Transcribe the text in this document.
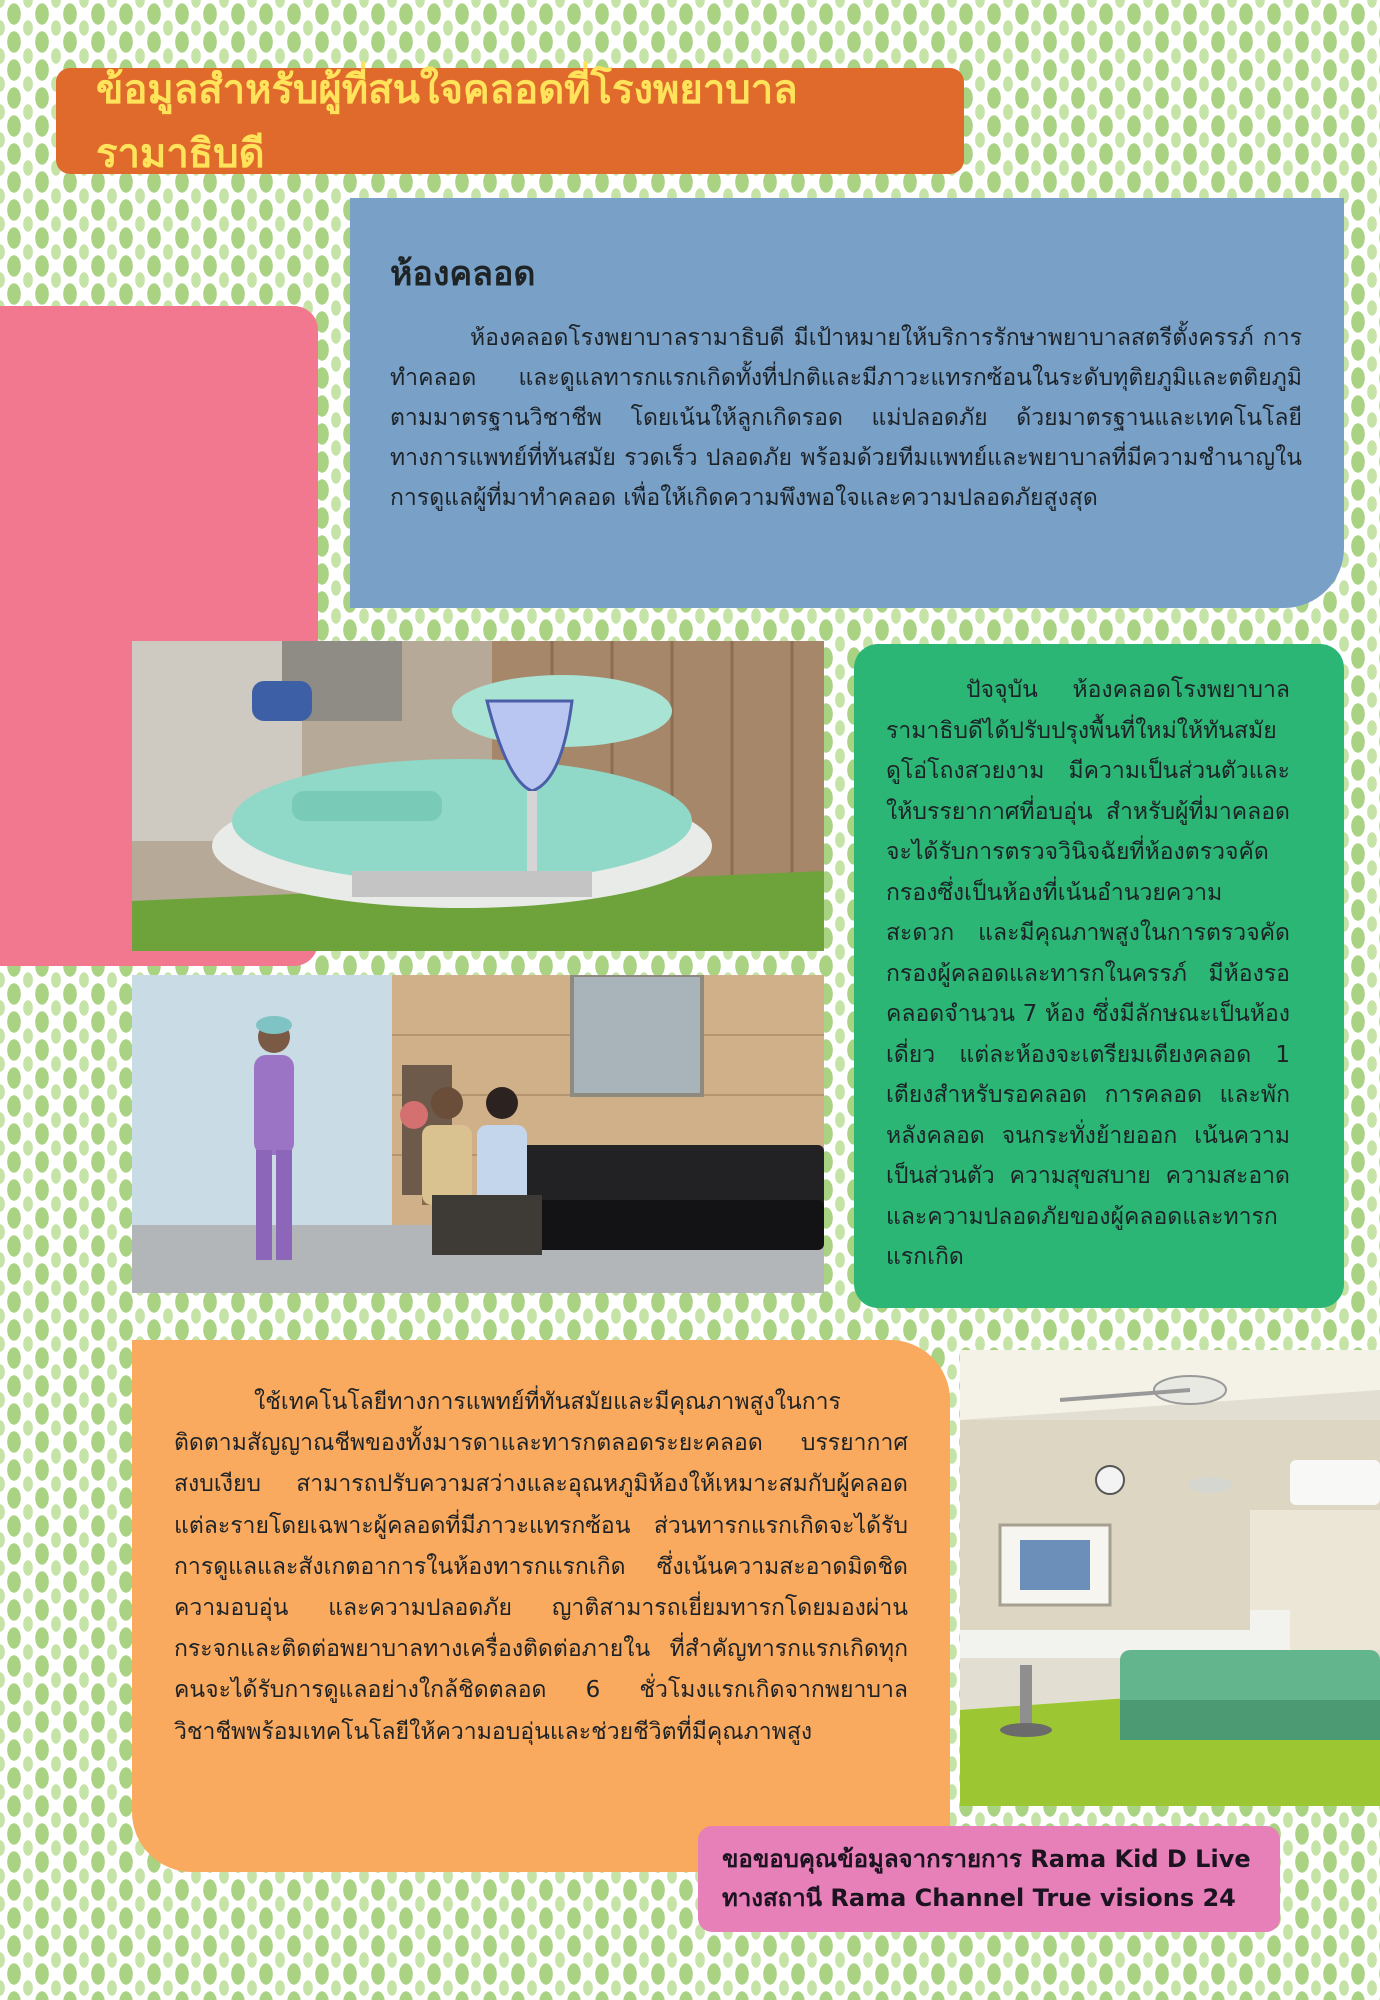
ข้อมูลสำหรับผู้ที่สนใจคลอดที่โรงพยาบาลรามาธิบดี
ห้องคลอด

ห้องคลอดโรงพยาบาลรามาธิบดี มีเป้าหมายให้บริการรักษาพยาบาลสตรีตั้งครรภ์ การทำคลอด และดูแลทารกแรกเกิดทั้งที่ปกติและมีภาวะแทรกซ้อนในระดับทุติยภูมิและตติยภูมิตามมาตรฐานวิชาชีพ โดยเน้นให้ลูกเกิดรอด แม่ปลอดภัย ด้วยมาตรฐานและเทคโนโลยีทางการแพทย์ที่ทันสมัย รวดเร็ว ปลอดภัย พร้อมด้วยทีมแพทย์และพยาบาลที่มีความชำนาญในการดูแลผู้ที่มาทำคลอด เพื่อให้เกิดความพึงพอใจและความปลอดภัยสูงสุด

ปัจจุบัน ห้องคลอดโรงพยาบาลรามาธิบดีได้ปรับปรุงพื้นที่ใหม่ให้ทันสมัย ดูโอ่โถงสวยงาม มีความเป็นส่วนตัวและให้บรรยากาศที่อบอุ่น สำหรับผู้ที่มาคลอดจะได้รับการตรวจวินิจฉัยที่ห้องตรวจคัดกรองซึ่งเป็นห้องที่เน้นอำนวยความสะดวก และมีคุณภาพสูงในการตรวจคัดกรองผู้คลอดและทารกในครรภ์ มีห้องรอคลอดจำนวน 7 ห้อง ซึ่งมีลักษณะเป็นห้องเดี่ยว แต่ละห้องจะเตรียมเตียงคลอด 1 เตียงสำหรับรอคลอด การคลอด และพักหลังคลอด จนกระทั่งย้ายออก เน้นความเป็นส่วนตัว ความสุขสบาย ความสะอาดและความปลอดภัยของผู้คลอดและทารกแรกเกิด

ใช้เทคโนโลยีทางการแพทย์ที่ทันสมัยและมีคุณภาพสูงในการติดตามสัญญาณชีพของทั้งมารดาและทารกตลอดระยะคลอด บรรยากาศสงบเงียบ สามารถปรับความสว่างและอุณหภูมิห้องให้เหมาะสมกับผู้คลอดแต่ละรายโดยเฉพาะผู้คลอดที่มีภาวะแทรกซ้อน ส่วนทารกแรกเกิดจะได้รับการดูแลและสังเกตอาการในห้องทารกแรกเกิด ซึ่งเน้นความสะอาดมิดชิด ความอบอุ่น และความปลอดภัย ญาติสามารถเยี่ยมทารกโดยมองผ่านกระจกและติดต่อพยาบาลทางเครื่องติดต่อภายใน ที่สำคัญทารกแรกเกิดทุกคนจะได้รับการดูแลอย่างใกล้ชิดตลอด 6 ชั่วโมงแรกเกิดจากพยาบาลวิชาชีพพร้อมเทคโนโลยีให้ความอบอุ่นและช่วยชีวิตที่มีคุณภาพสูง

ขอขอบคุณข้อมูลจากรายการ Rama Kid D Live
ทางสถานี Rama Channel True visions 24
